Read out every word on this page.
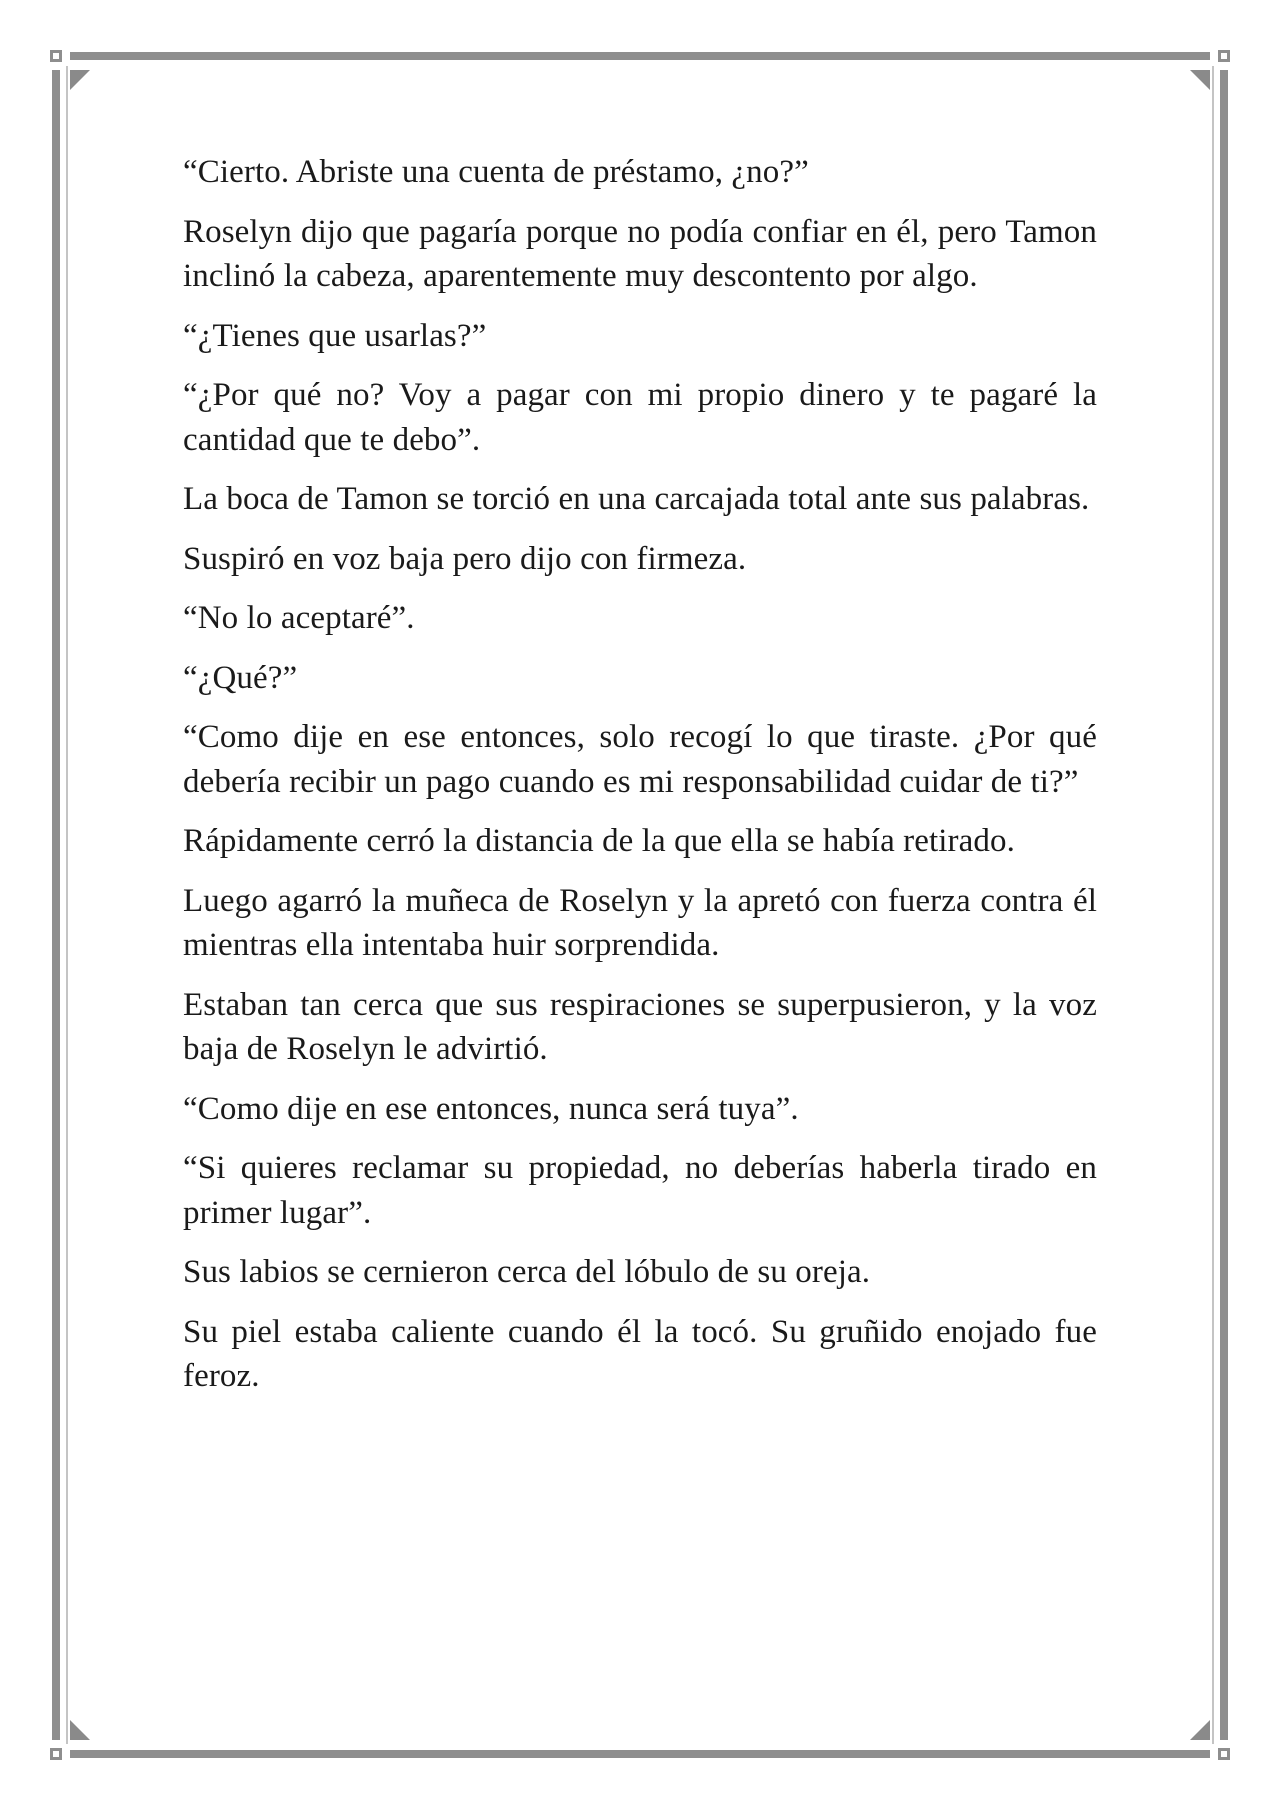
“Cierto. Abriste una cuenta de préstamo, ¿no?”

Roselyn dijo que pagaría porque no podía confiar en él, pero Tamon inclinó la cabeza, aparentemente muy descontento por algo.

“¿Tienes que usarlas?”

“¿Por qué no? Voy a pagar con mi propio dinero y te pagaré la cantidad que te debo”.

La boca de Tamon se torció en una carcajada total ante sus palabras.

Suspiró en voz baja pero dijo con firmeza.

“No lo aceptaré”.

“¿Qué?”

“Como dije en ese entonces, solo recogí lo que tiraste. ¿Por qué debería recibir un pago cuando es mi responsabilidad cuidar de ti?”

Rápidamente cerró la distancia de la que ella se había retirado.

Luego agarró la muñeca de Roselyn y la apretó con fuerza contra él mientras ella intentaba huir sorprendida.

Estaban tan cerca que sus respiraciones se superpusieron, y la voz baja de Roselyn le advirtió.

“Como dije en ese entonces, nunca será tuya”.

“Si quieres reclamar su propiedad, no deberías haberla tirado en primer lugar”.

Sus labios se cernieron cerca del lóbulo de su oreja.

Su piel estaba caliente cuando él la tocó. Su gruñido enojado fue feroz.
